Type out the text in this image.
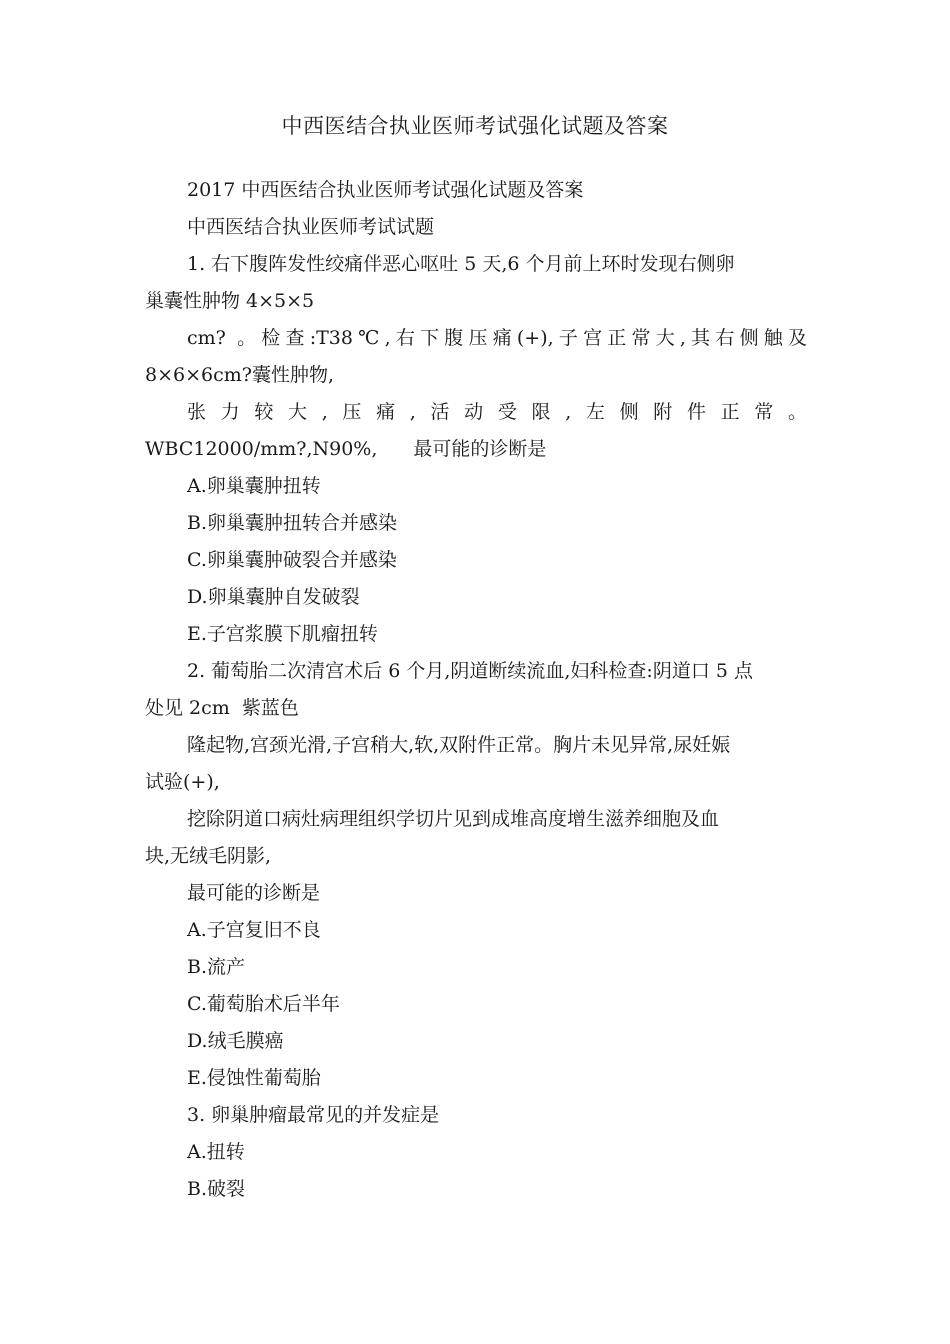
中西医结合执业医师考试强化试题及答案
2017 中西医结合执业医师考试强化试题及答案
中西医结合执业医师考试试题
1. 右下腹阵发性绞痛伴恶心呕吐 5 天,6 个月前上环时发现右侧卵
巢囊性肿物 4×5×5
cm? 。检查:T38℃,右下腹压痛(+),子宫正常大,其右侧触及
8×6×6cm?囊性肿物,
张力较大,压痛,活动受限,左侧附件正常。
WBC12000/mm?,N90%, 最可能的诊断是
A.卵巢囊肿扭转
B.卵巢囊肿扭转合并感染
C.卵巢囊肿破裂合并感染
D.卵巢囊肿自发破裂
E.子宫浆膜下肌瘤扭转
2. 葡萄胎二次清宫术后 6 个月,阴道断续流血,妇科检查:阴道口 5 点
处见 2cm  紫蓝色
隆起物,宫颈光滑,子宫稍大,软,双附件正常。胸片未见异常,尿妊娠
试验(+),
挖除阴道口病灶病理组织学切片见到成堆高度增生滋养细胞及血
块,无绒毛阴影,
最可能的诊断是
A.子宫复旧不良
B.流产
C.葡萄胎术后半年
D.绒毛膜癌
E.侵蚀性葡萄胎
3. 卵巢肿瘤最常见的并发症是
A.扭转
B.破裂
